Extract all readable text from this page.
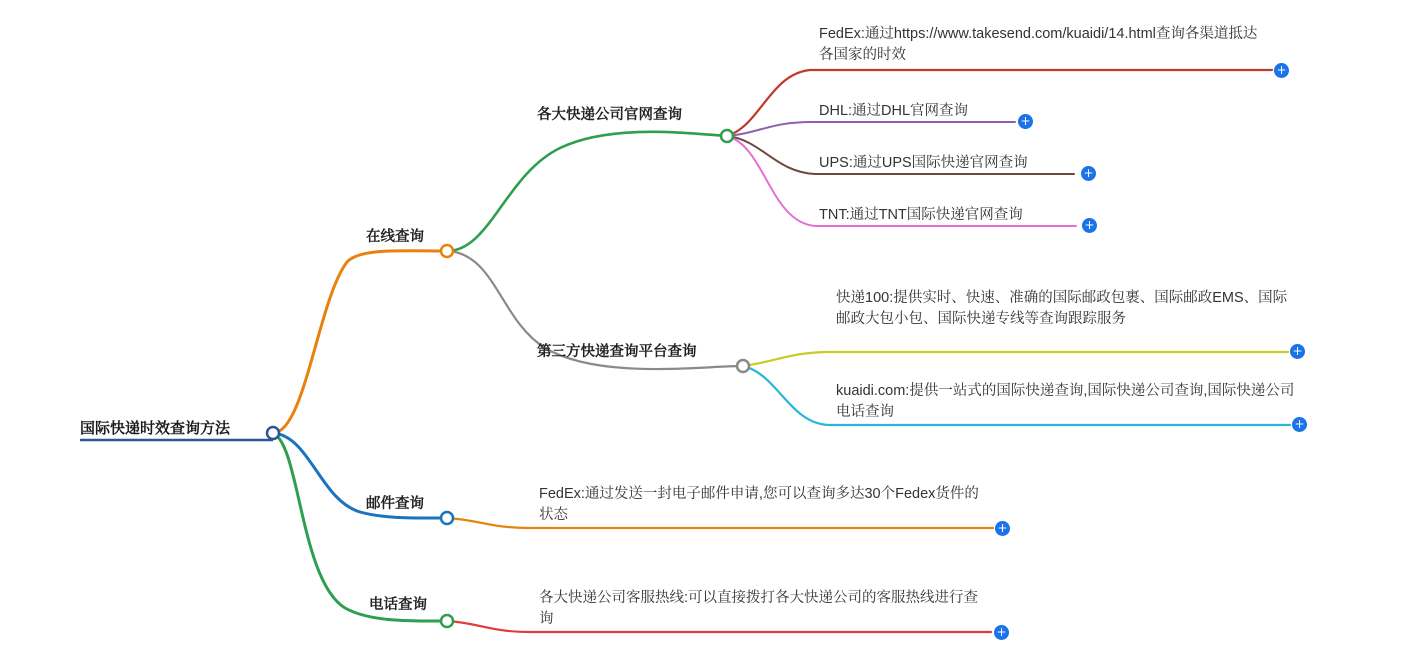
国际快递时效查询方法
在线查询
邮件查询
电话查询
各大快递公司官网查询
第三方快递查询平台查询
FedEx:通过https://www.takesend.com/kuaidi/14.html查询各渠道抵达各国家的时效
+
DHL:通过DHL官网查询
+
UPS:通过UPS国际快递官网查询
+
TNT:通过TNT国际快递官网查询
+
快递100:提供实时、快速、准确的国际邮政包裹、国际邮政EMS、国际邮政大包小包、国际快递专线等查询跟踪服务
+
kuaidi.com:提供一站式的国际快递查询,国际快递公司查询,国际快递公司电话查询
+
FedEx:通过发送一封电子邮件申请,您可以查询多达30个Fedex货件的状态
+
各大快递公司客服热线:可以直接拨打各大快递公司的客服热线进行查询
+
